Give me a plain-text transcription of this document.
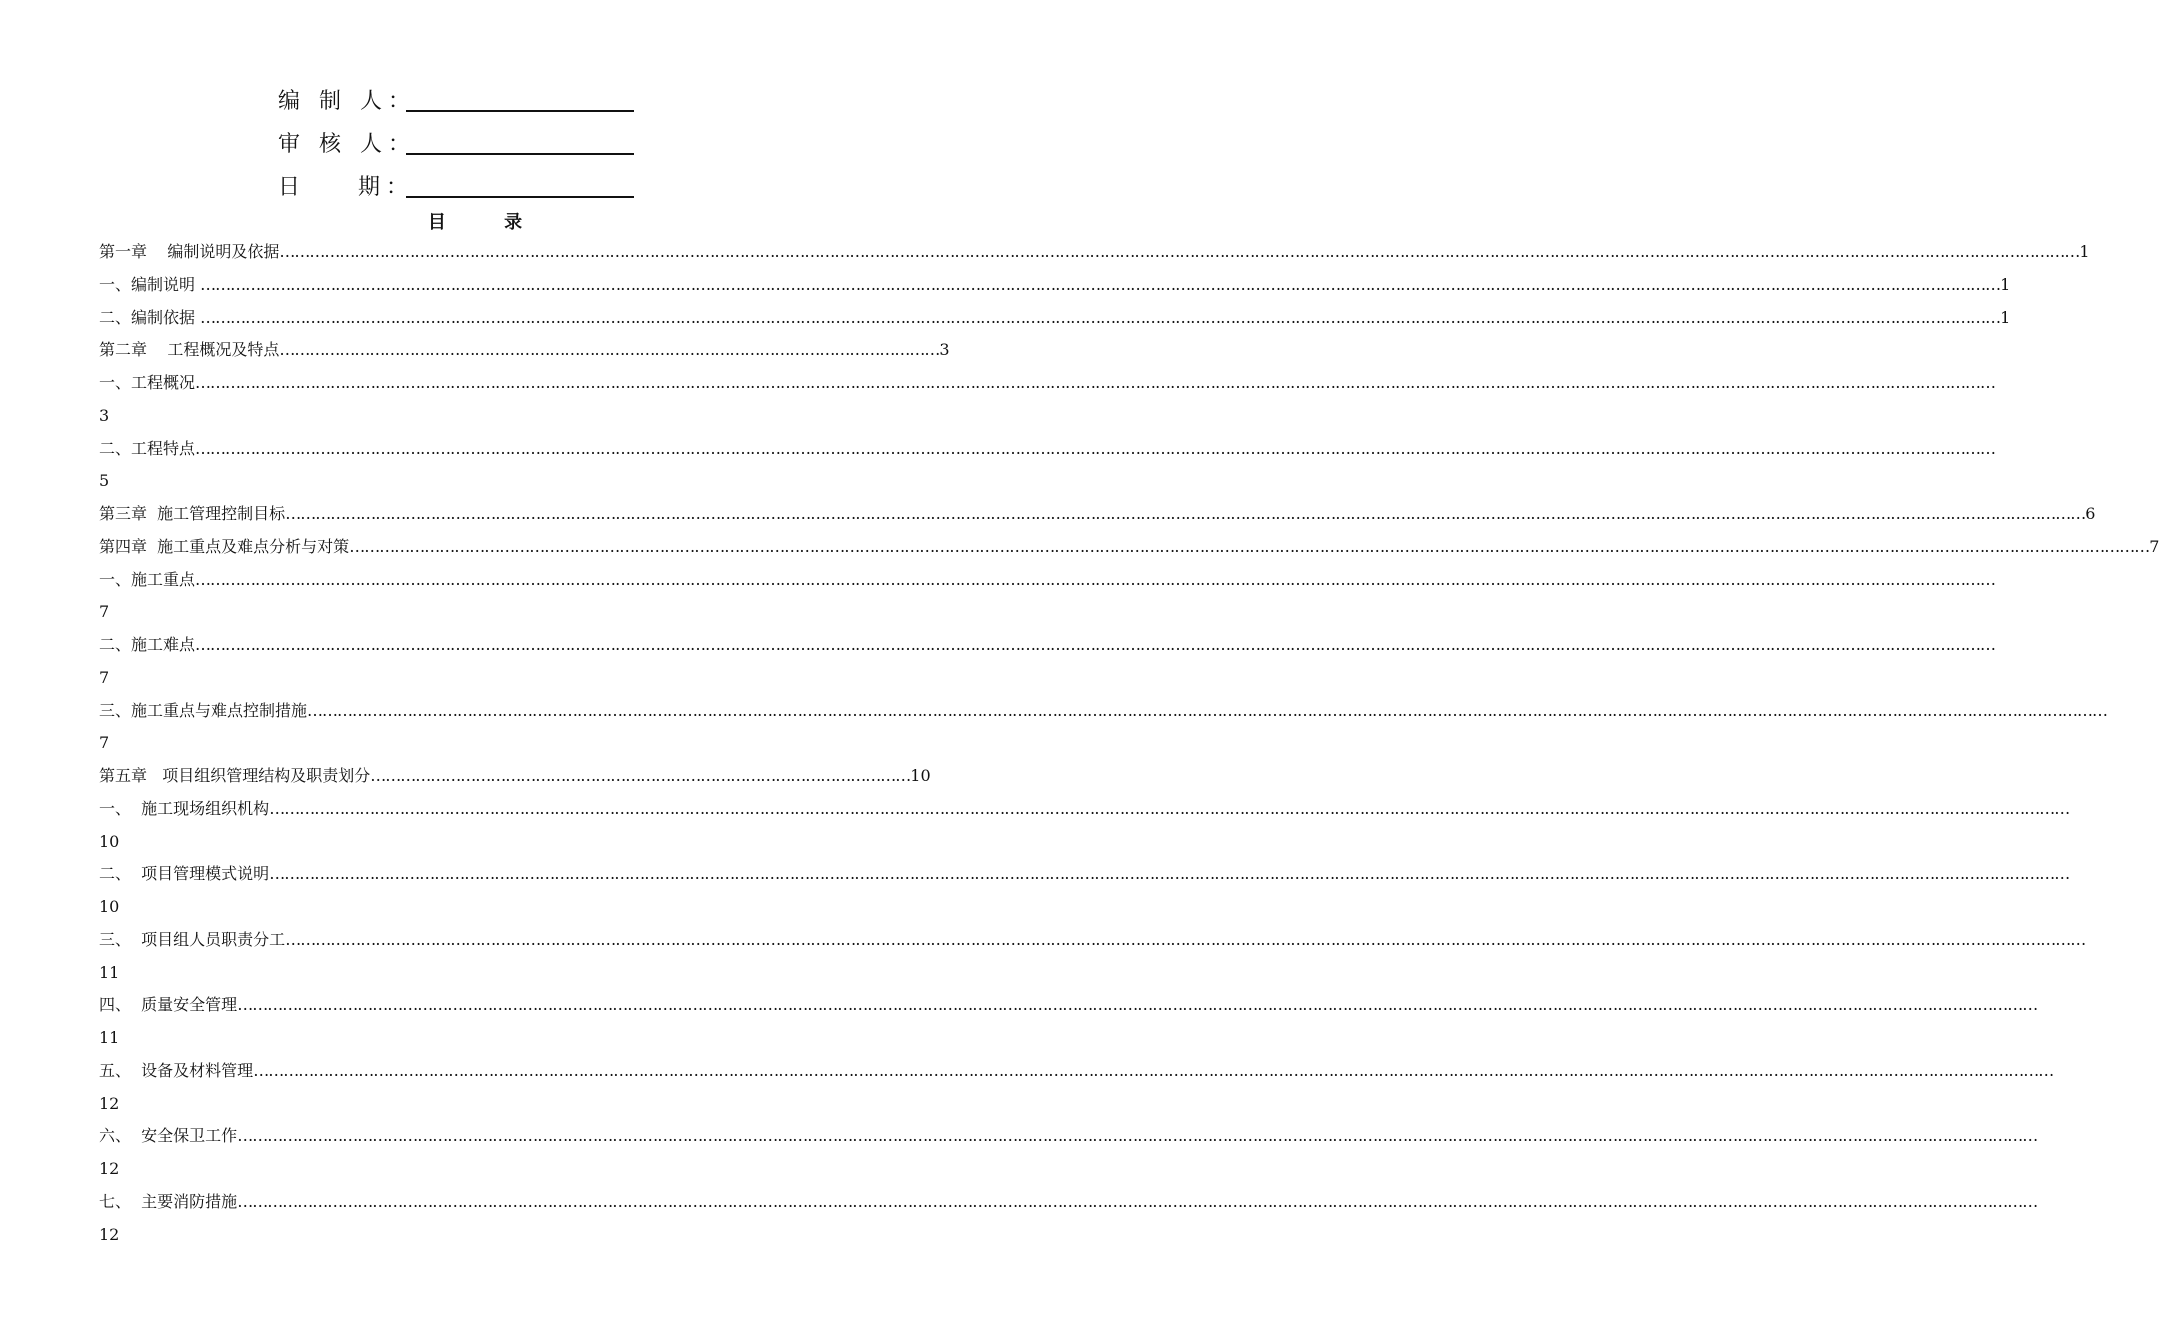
编 制 人：
审 核 人：
日    期：
目 录
第一章    编制说明及依据 ……………………………………………………………………………………………………………………………………………………………………………………………………………………………………………………………………………………………………………………………… 1
一、编制说明 ……………………………………………………………………………………………………………………………………………………………………………………………………………………………………………………………………………………………………………………………… 1
二、编制依据 ……………………………………………………………………………………………………………………………………………………………………………………………………………………………………………………………………………………………………………………………… 1
第二章    工程概况及特点 …………………………………………………………………………………………………………………… 3
一、工程概况 ………………………………………………………………………………………………………………………………………………………………………………………………………………………………………………………………………………………………………………………………
3
二、工程特点 ………………………………………………………………………………………………………………………………………………………………………………………………………………………………………………………………………………………………………………………………
5
第三章  施工管理控制目标 ……………………………………………………………………………………………………………………………………………………………………………………………………………………………………………………………………………………………………………………………… 6
第四章  施工重点及难点分析与对策 ……………………………………………………………………………………………………………………………………………………………………………………………………………………………………………………………………………………………………………………………… 7
一、施工重点 ………………………………………………………………………………………………………………………………………………………………………………………………………………………………………………………………………………………………………………………………
7
二、施工难点 ………………………………………………………………………………………………………………………………………………………………………………………………………………………………………………………………………………………………………………………………
7
三、施工重点与难点控制措施 ………………………………………………………………………………………………………………………………………………………………………………………………………………………………………………………………………………………………………………………………
7
第五章   项目组织管理结构及职责划分 ……………………………………………………………………………………………… 10
一、  施工现场组织机构 ………………………………………………………………………………………………………………………………………………………………………………………………………………………………………………………………………………………………………………………………
10
二、  项目管理模式说明 ………………………………………………………………………………………………………………………………………………………………………………………………………………………………………………………………………………………………………………………………
10
三、  项目组人员职责分工 ………………………………………………………………………………………………………………………………………………………………………………………………………………………………………………………………………………………………………………………………
11
四、  质量安全管理 ………………………………………………………………………………………………………………………………………………………………………………………………………………………………………………………………………………………………………………………………
11
五、  设备及材料管理 ………………………………………………………………………………………………………………………………………………………………………………………………………………………………………………………………………………………………………………………………
12
六、  安全保卫工作 ………………………………………………………………………………………………………………………………………………………………………………………………………………………………………………………………………………………………………………………………
12
七、  主要消防措施 ………………………………………………………………………………………………………………………………………………………………………………………………………………………………………………………………………………………………………………………………
12
